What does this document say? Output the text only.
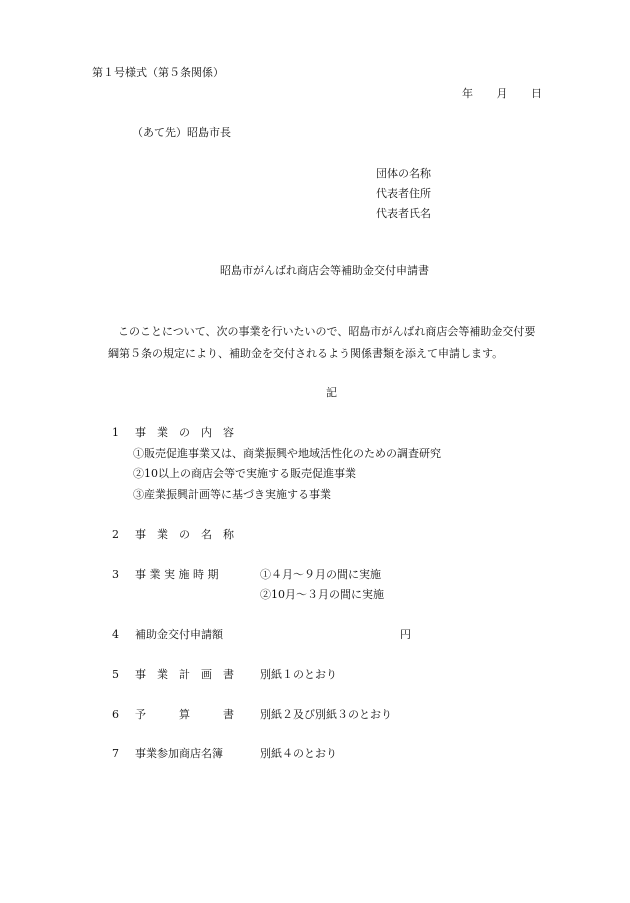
第１号様式（第５条関係）
年 月 日
（あて先）昭島市長
団体の名称
代表者住所
代表者氏名
昭島市がんばれ商店会等補助金交付申請書
このことについて、次の事業を行いたいので、昭島市がんばれ商店会等補助金交付要
綱第５条の規定により、補助金を交付されるよう関係書類を添えて申請します。
記
1 事　業　の　内　容
①販売促進事業又は、商業振興や地域活性化のための調査研究
②10以上の商店会等で実施する販売促進事業
③産業振興計画等に基づき実施する事業
2 事　業　の　名　称
3 事 業 実 施 時 期	①４月～９月の間に実施
②10月～３月の間に実施
4 補助金交付申請額	円
5 事　業　計　画　書 別紙１のとおり
6 予　　　算　　　書 別紙２及び別紙３のとおり
7 事業参加商店名簿	別紙４のとおり
